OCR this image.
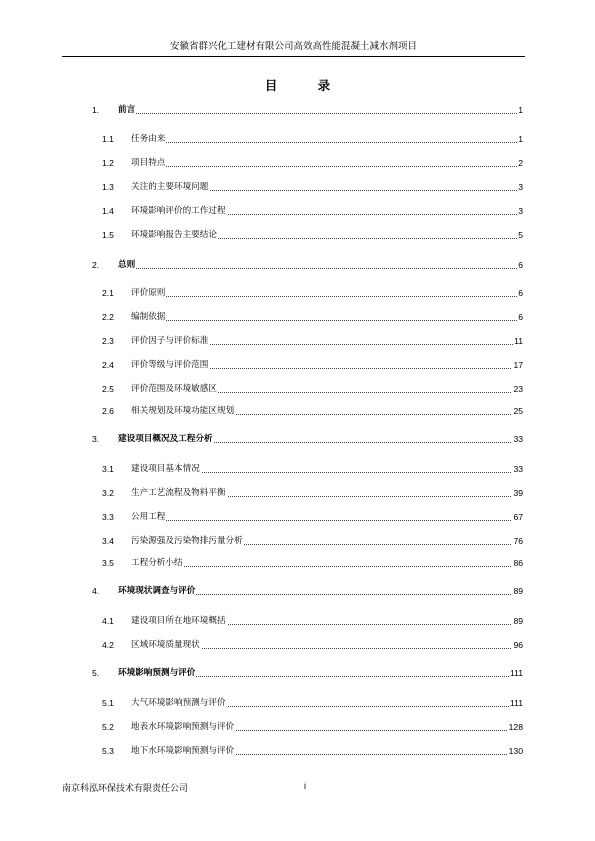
安徽省群兴化工建材有限公司高效高性能混凝土减水剂项目
目 录
1. 前言	1
1.1 任务由来	1
1.2 项目特点	2
1.3 关注的主要环境问题	3
1.4 环境影响评价的工作过程	3
1.5 环境影响报告主要结论	5
2. 总则	6
2.1 评价原则	6
2.2 编制依据	6
2.3 评价因子与评价标准	11
2.4 评价等级与评价范围	17
2.5 评价范围及环境敏感区	23
2.6 相关规划及环境功能区规划	25
3. 建设项目概况及工程分析	33
3.1 建设项目基本情况	33
3.2 生产工艺流程及物料平衡	39
3.3 公用工程	67
3.4 污染源强及污染物排污量分析	76
3.5 工程分析小结	86
4. 环境现状调查与评价	89
4.1 建设项目所在地环境概括	89
4.2 区域环境质量现状	96
5. 环境影响预测与评价	111
5.1 大气环境影响预测与评价	111
5.2 地表水环境影响预测与评价	128
5.3 地下水环境影响预测与评价	130
南京科泓环保技术有限责任公司	i
